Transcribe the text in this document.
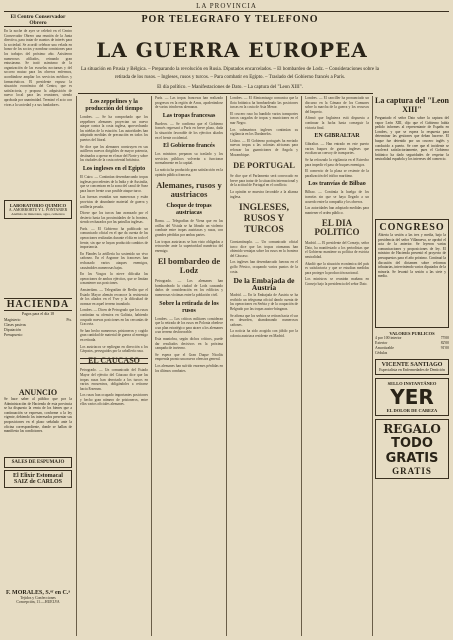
LA PROVINCIA
POR TELEGRAFO Y TELEFONO
LA GUERRA EUROPEA
La situación en Prusia y Bélgica. – Preparando la revolución en Rusia. Diputados encarcelados. – El bombardeo de Lodz. – Consideraciones sobre la retirada de los rusos. – Ingleses, rusos y turcos. – Para combatir en Egipto. – Traslado del Gobierno francés a París.
El día político. – Manifestaciones de Dato. – La captura del "Leon XIII".
El Centro Conservador Obrero
En la noche de ayer se celebró en el Centro Conservador Obrero una reunión de la Junta directiva, para tratar de asuntos de interés para la sociedad. Se acordó celebrar una velada en honor de los socios y nombrar comisiones para los trabajos del próximo año. Asistieron numerosos afiliados, reinando gran entusiasmo. Se trató asimismo de la organización de las escuelas nocturnas y del socorro mutuo para los obreros enfermos, acordándose ampliar los servicios médicos y farmacéuticos. El presidente expuso la situación económica del Centro, que es satisfactoria, y propuso la adquisición de nuevo local para las reuniones, siendo aprobada por unanimidad. Terminó el acto con vivas a la sociedad y a sus fundadores.
LABORATORIO QUIMICO
A. AMORRORTU Y L. FONTANIER
Análisis de minerales, agua, cementos
HACIENDA
Pagos para el día 18
Magisterio	Pts.
Clases pasivas
Diputación
Presupuesto
ANUNCIO
Se hace saber al público que por la Administración de Hacienda de esta provincia se ha dispuesto la venta de los bienes que a continuación se expresan, conforme a la ley vigente, debiendo los interesados presentar sus proposiciones en el plazo señalado ante la oficina correspondiente, donde se hallan de manifiesto las condiciones.
SALES DE ESPUMAJO
El Elixir Estomacal
SAIZ de CARLOS
F. MORALES, S.ᵒʳ en C.ᵃ
Tejidos y Confecciones
Concepción, 11.—HUELVA
Los zeppelines y la producción del tiempo

Londres. — Se ha comprobado que los zeppelines alemanes proyectan un nuevo ataque contra la costa inglesa, aprovechando las nieblas de la estación. Las autoridades han adoptado medidas de precaución en todos los puertos del litoral.

Se dice que los alemanes construyen en sus astilleros nuevos dirigibles de mayor potencia, destinados a operar en el mar del Norte y sobre las ciudades de la costa oriental británica.

Los ingleses en el Egipto

El Cairo. — Continúan desembarcando tropas inglesas procedentes de la India y de Australia, que se concentran en la zona del canal de Suez para hacer frente a un posible ataque turco.

Las fuerzas reunidas son numerosas y están provistas de abundante material de guerra y artillería pesada.

Dícese que los turcos han avanzado por el desierto hasta las proximidades de la frontera, siendo rechazados por las patrullas inglesas.

París. — El Gobierno ha publicado un comunicado oficial en el que da cuenta de las operaciones realizadas durante el día en todo el frente, sin que se hayan producido cambios de importancia.

En Flandes la artillería ha sostenido un vivo cañoneo. En el Argonne los franceses han rechazado varios ataques enemigos, causándoles numerosas bajas.

En los Vosgos la nieve dificulta las operaciones de ambos ejércitos, que se limitan a mantener sus posiciones.

Amsterdam. — Telegrafían de Berlín que el Estado Mayor alemán reconoce la resistencia de los aliados en el Yser y la dificultad de avanzar en aquel terreno inundado.

Londres. — Dicen de Petrogrado que los rusos continúan su ofensiva en Galitzia, habiendo ocupado nuevas posiciones en las cercanías de Cracovia.

Se han hecho numerosos prisioneros y cogido gran cantidad de material de guerra al enemigo en retirada.

Los austriacos se repliegan en dirección a los Cárpatos, perseguidos por la caballería rusa.

EL CAUCASO

Petrogrado. — Un comunicado del Estado Mayor del ejército del Cáucaso dice que las tropas rusas han derrotado a los turcos en varios encuentros, obligándoles a retirarse hacia Erzerum.

Los rusos han ocupado importantes posiciones y hecho gran número de prisioneros, entre ellos varios oficiales alemanes.

París. — Las tropas francesas han realizado progresos en la región de Arras, apoderándose de varias trincheras alemanas.

Las tropas francesas

Burdeos. — Se confirma que el Gobierno francés regresará a París en breve plazo, dada la situación favorable de los ejércitos aliados en el frente occidental.

El Gobierno francés

Los ministros preparan su traslado y los servicios públicos volverán a funcionar normalmente en la capital.

La noticia ha producido gran satisfacción en la opinión pública francesa.

Alemanes, rusos y austriacos
Choque de tropas austriacas

Roma. — Telegrafían de Viena que en las orillas del Vístula se ha librado un violento combate entre tropas austriacas y rusas, con grandes pérdidas por ambas partes.

Las tropas austriacas se han visto obligadas a retroceder ante la superioridad numérica del enemigo.

El bombardeo de Lodz

Petrogrado. — Los alemanes han bombardeado la ciudad de Lodz causando daños de consideración en los edificios y numerosas víctimas entre la población civil.

Sobre la retirada de los rusos

Londres. — Los críticos militares consideran que la retirada de los rusos en Polonia obedece a un plan estratégico para atraer a los alemanes a un terreno desfavorable.

Esta maniobra, según dichos críticos, puede dar resultados decisivos en la próxima campaña de invierno.

Se espera que el Gran Duque Nicolás emprenda pronto una nueva ofensiva general.

Los alemanes han sufrido enormes pérdidas en los últimos combates.

Londres. — El Almirantazgo comunica que la flota británica ha bombardeado las posiciones turcas en la costa de Asia Menor.

El crucero ruso ha hundido varios transportes turcos cargados de tropas y municiones en el mar Negro.

Los submarinos ingleses continúan su vigilancia en los Dardanelos.

Lisboa. — El Gobierno portugués ha enviado nuevas tropas a las colonias africanas para reforzar las guarniciones de Angola y Mozambique.

DE PORTUGAL

Se dice que el Parlamento será convocado en breve para tratar de la situación internacional y de la actitud de Portugal en el conflicto.

La opinión se muestra favorable a la alianza inglesa.

INGLESES, RUSOS Y TURCOS

Constantinopla. — Un comunicado oficial turco dice que las tropas otomanas han obtenido ventajas sobre los rusos en la frontera del Cáucaso.

Los ingleses han desembarcado fuerzas en el golfo Pérsico, ocupando varios puntos de la costa.

De la Embajada de Austria

Madrid. — En la Embajada de Austria se ha recibido un telegrama oficial dando cuenta de las operaciones en Serbia y de la ocupación de Belgrado por las tropas austro-húngaras.

Se afirma que los serbios se retiran hacia el sur en desorden, abandonando numerosos cañones.

La noticia ha sido acogida con júbilo por la colonia austriaca residente en Madrid.

Londres. — El canciller ha pronunciado un discurso en la Cámara de los Comunes sobre la marcha de la guerra y los recursos del Imperio.

Afirmó que Inglaterra está dispuesta a continuar la lucha hasta conseguir la victoria final.

EN GIBRALTAR

Gibraltar. — Han entrado en este puerto varios buques de guerra ingleses que escoltan un convoy de transportes.

Se ha reforzado la vigilancia en el Estrecho para impedir el paso de buques enemigos.

El comercio de la plaza se resiente de la paralización del tráfico marítimo.

Los tranvías de Bilbao

Bilbao. — Continúa la huelga de los tranvías sin que se haya llegado a un acuerdo entre la compañía y los obreros.

Las autoridades han adoptado medidas para mantener el orden público.

EL DIA POLITICO

Madrid. — El presidente del Consejo, señor Dato, ha manifestado a los periodistas que el Gobierno mantiene su política de estricta neutralidad.

Añadió que la situación económica del país es satisfactoria y que se estudian medidas para proteger la producción nacional.

Los ministros se reunirán mañana en Consejo bajo la presidencia del señor Dato.

La captura del "Leon XIII"
Preguntado el señor Dato sobre la captura del vapor León XIII, dijo que el Gobierno había pedido informes al representante de España en Londres, y que se espera la respuesta para determinar las gestiones que deban hacerse. El buque fue detenido por un crucero inglés y conducido a puerto. Se cree que el incidente se resolverá satisfactoriamente, pues el Gobierno británico ha dado seguridades de respetar la neutralidad española y los intereses del comercio.
CONGRESO
Abierta la sesión a las tres y media, bajo la presidencia del señor Villanueva, se aprobó el acta de la anterior. Se leyeron varias comunicaciones y proposiciones de ley. El ministro de Hacienda presentó el proyecto de presupuestos para el año próximo. Continuó la discusión del dictamen sobre reformas tributarias, interviniendo varios diputados de la minoría. Se levantó la sesión a las siete y media.
VALORES PUBLICOS
4 por 100 interior	75'00
Exterior	82'00
Amortizable	91'00
Cédulas
VICENTE SANTIAGO
Especialista en Enfermedades de Dentición
SELLO INSTANTÁNEO
YER
EL DOLOR DE CABEZA
REGALO
TODO GRATIS
GRATIS
